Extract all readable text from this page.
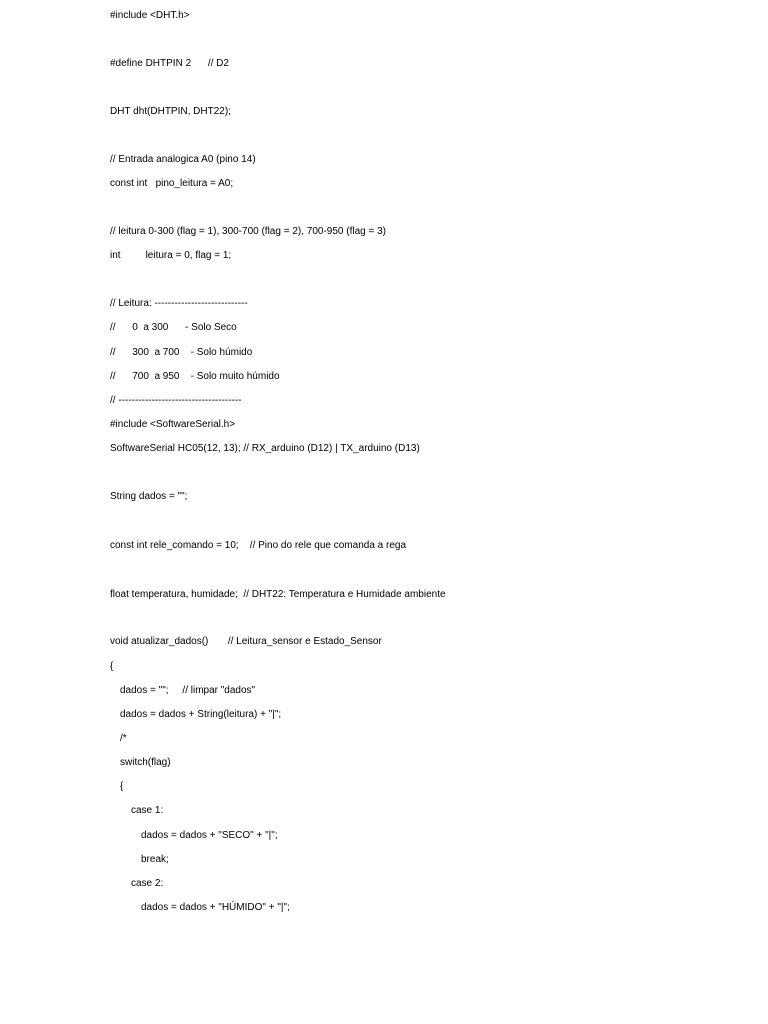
#include <DHT.h>
#define DHTPIN 2      // D2
DHT dht(DHTPIN, DHT22);
// Entrada analogica A0 (pino 14)
const int   pino_leitura = A0;
// leitura 0-300 (flag = 1), 300-700 (flag = 2), 700-950 (flag = 3)
int         leitura = 0, flag = 1;
// Leitura: ----------------------------
//      0  a 300      - Solo Seco
//      300  a 700    - Solo húmido
//      700  a 950    - Solo muito húmido
// -------------------------------------
#include <SoftwareSerial.h>
SoftwareSerial HC05(12, 13); // RX_arduino (D12) | TX_arduino (D13)
String dados = "";
const int rele_comando = 10;    // Pino do rele que comanda a rega
float temperatura, humidade;  // DHT22: Temperatura e Humidade ambiente
void atualizar_dados()       // Leitura_sensor e Estado_Sensor
{
dados = "";     // limpar "dados"
dados = dados + String(leitura) + "|";
/*
switch(flag)
{
case 1:
dados = dados + "SECO" + "|";
break;
case 2:
dados = dados + "HÚMIDO" + "|";
